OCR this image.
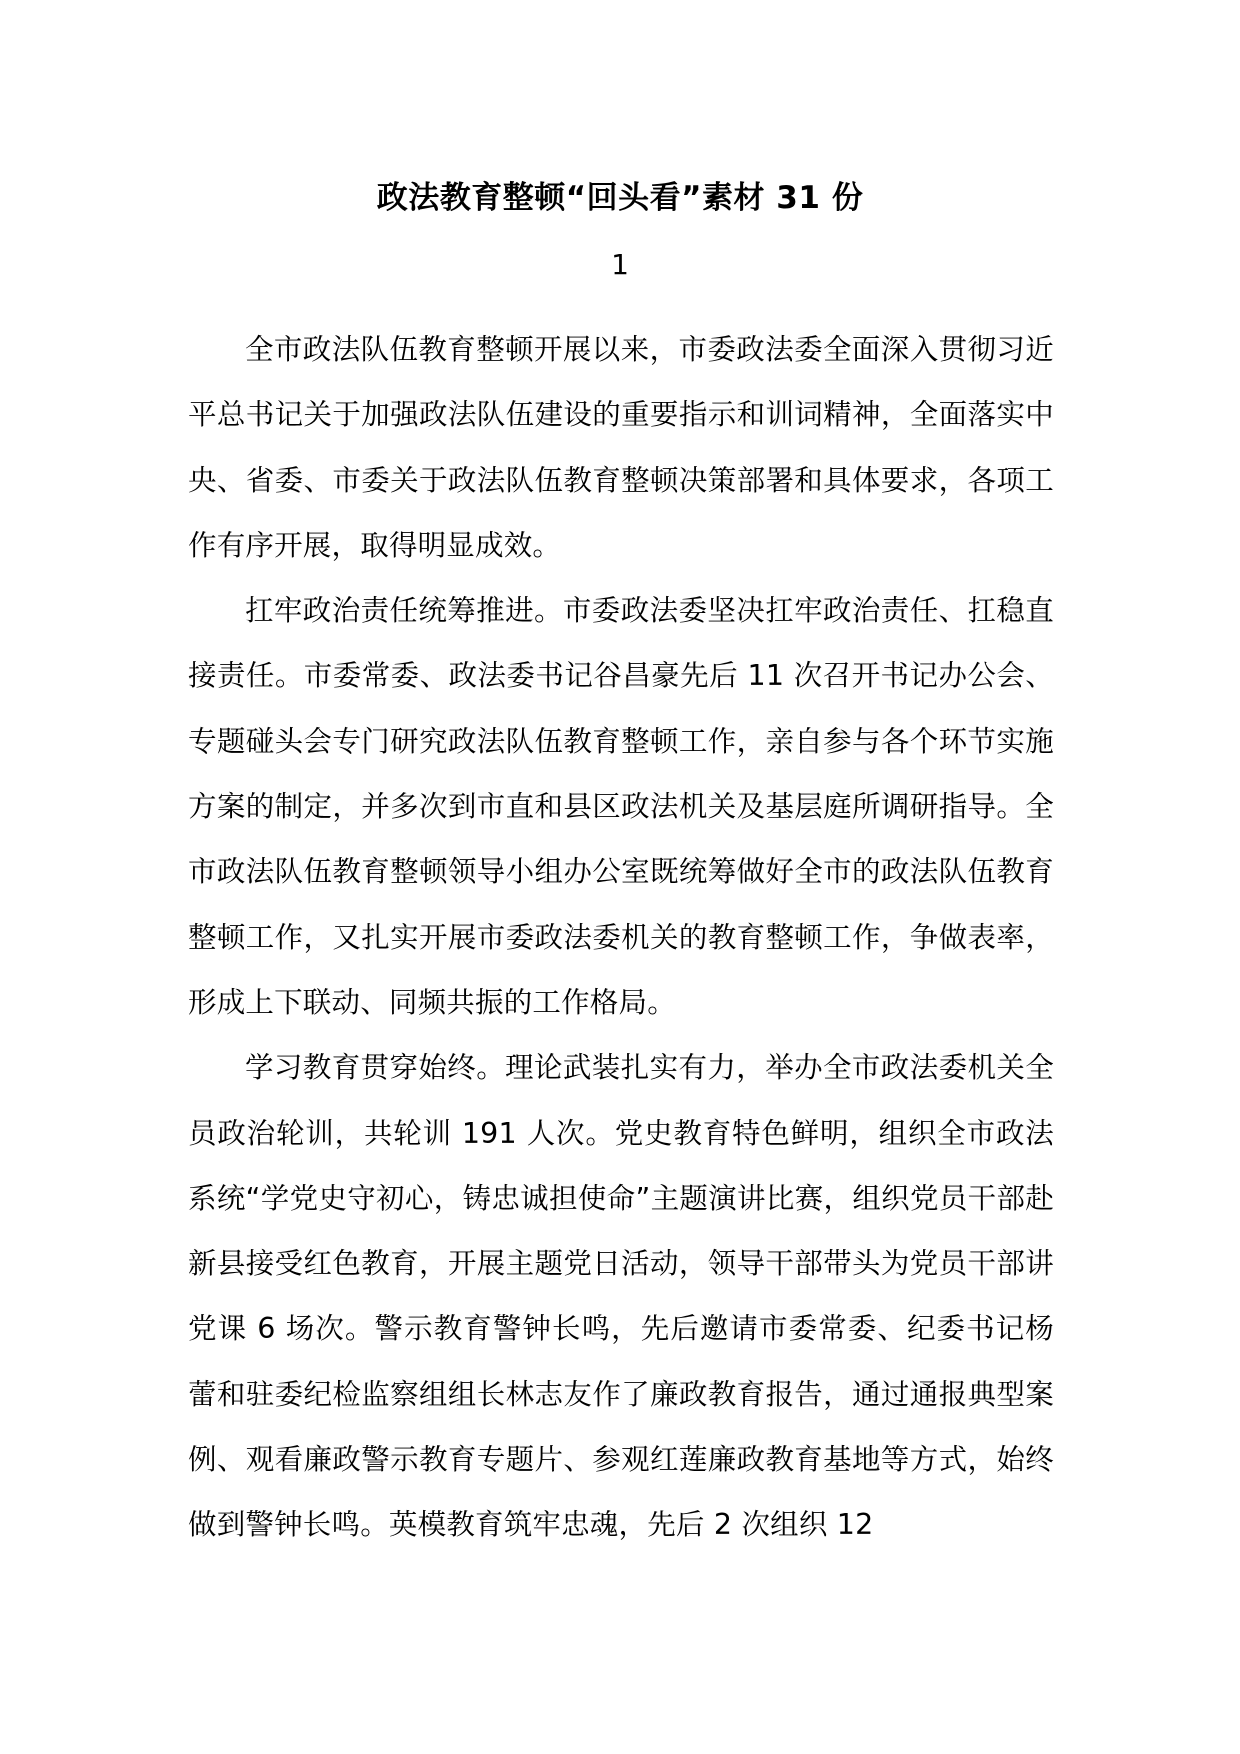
政法教育整顿“回头看”素材 31 份
1

全市政法队伍教育整顿开展以来，市委政法委全面深入贯彻习近平总书记关于加强政法队伍建设的重要指示和训词精神，全面落实中央、省委、市委关于政法队伍教育整顿决策部署和具体要求，各项工作有序开展，取得明显成效。

扛牢政治责任统筹推进。市委政法委坚决扛牢政治责任、扛稳直接责任。市委常委、政法委书记谷昌豪先后 11 次召开书记办公会、专题碰头会专门研究政法队伍教育整顿工作，亲自参与各个环节实施方案的制定，并多次到市直和县区政法机关及基层庭所调研指导。全市政法队伍教育整顿领导小组办公室既统筹做好全市的政法队伍教育整顿工作，又扎实开展市委政法委机关的教育整顿工作，争做表率，形成上下联动、同频共振的工作格局。

学习教育贯穿始终。理论武装扎实有力，举办全市政法委机关全员政治轮训，共轮训 191 人次。党史教育特色鲜明，组织全市政法系统“学党史守初心，铸忠诚担使命”主题演讲比赛，组织党员干部赴新县接受红色教育，开展主题党日活动，领导干部带头为党员干部讲党课 6 场次。警示教育警钟长鸣，先后邀请市委常委、纪委书记杨蕾和驻委纪检监察组组长林志友作了廉政教育报告，通过通报典型案例、观看廉政警示教育专题片、参观红莲廉政教育基地等方式，始终做到警钟长鸣。英模教育筑牢忠魂，先后 2 次组织 12
